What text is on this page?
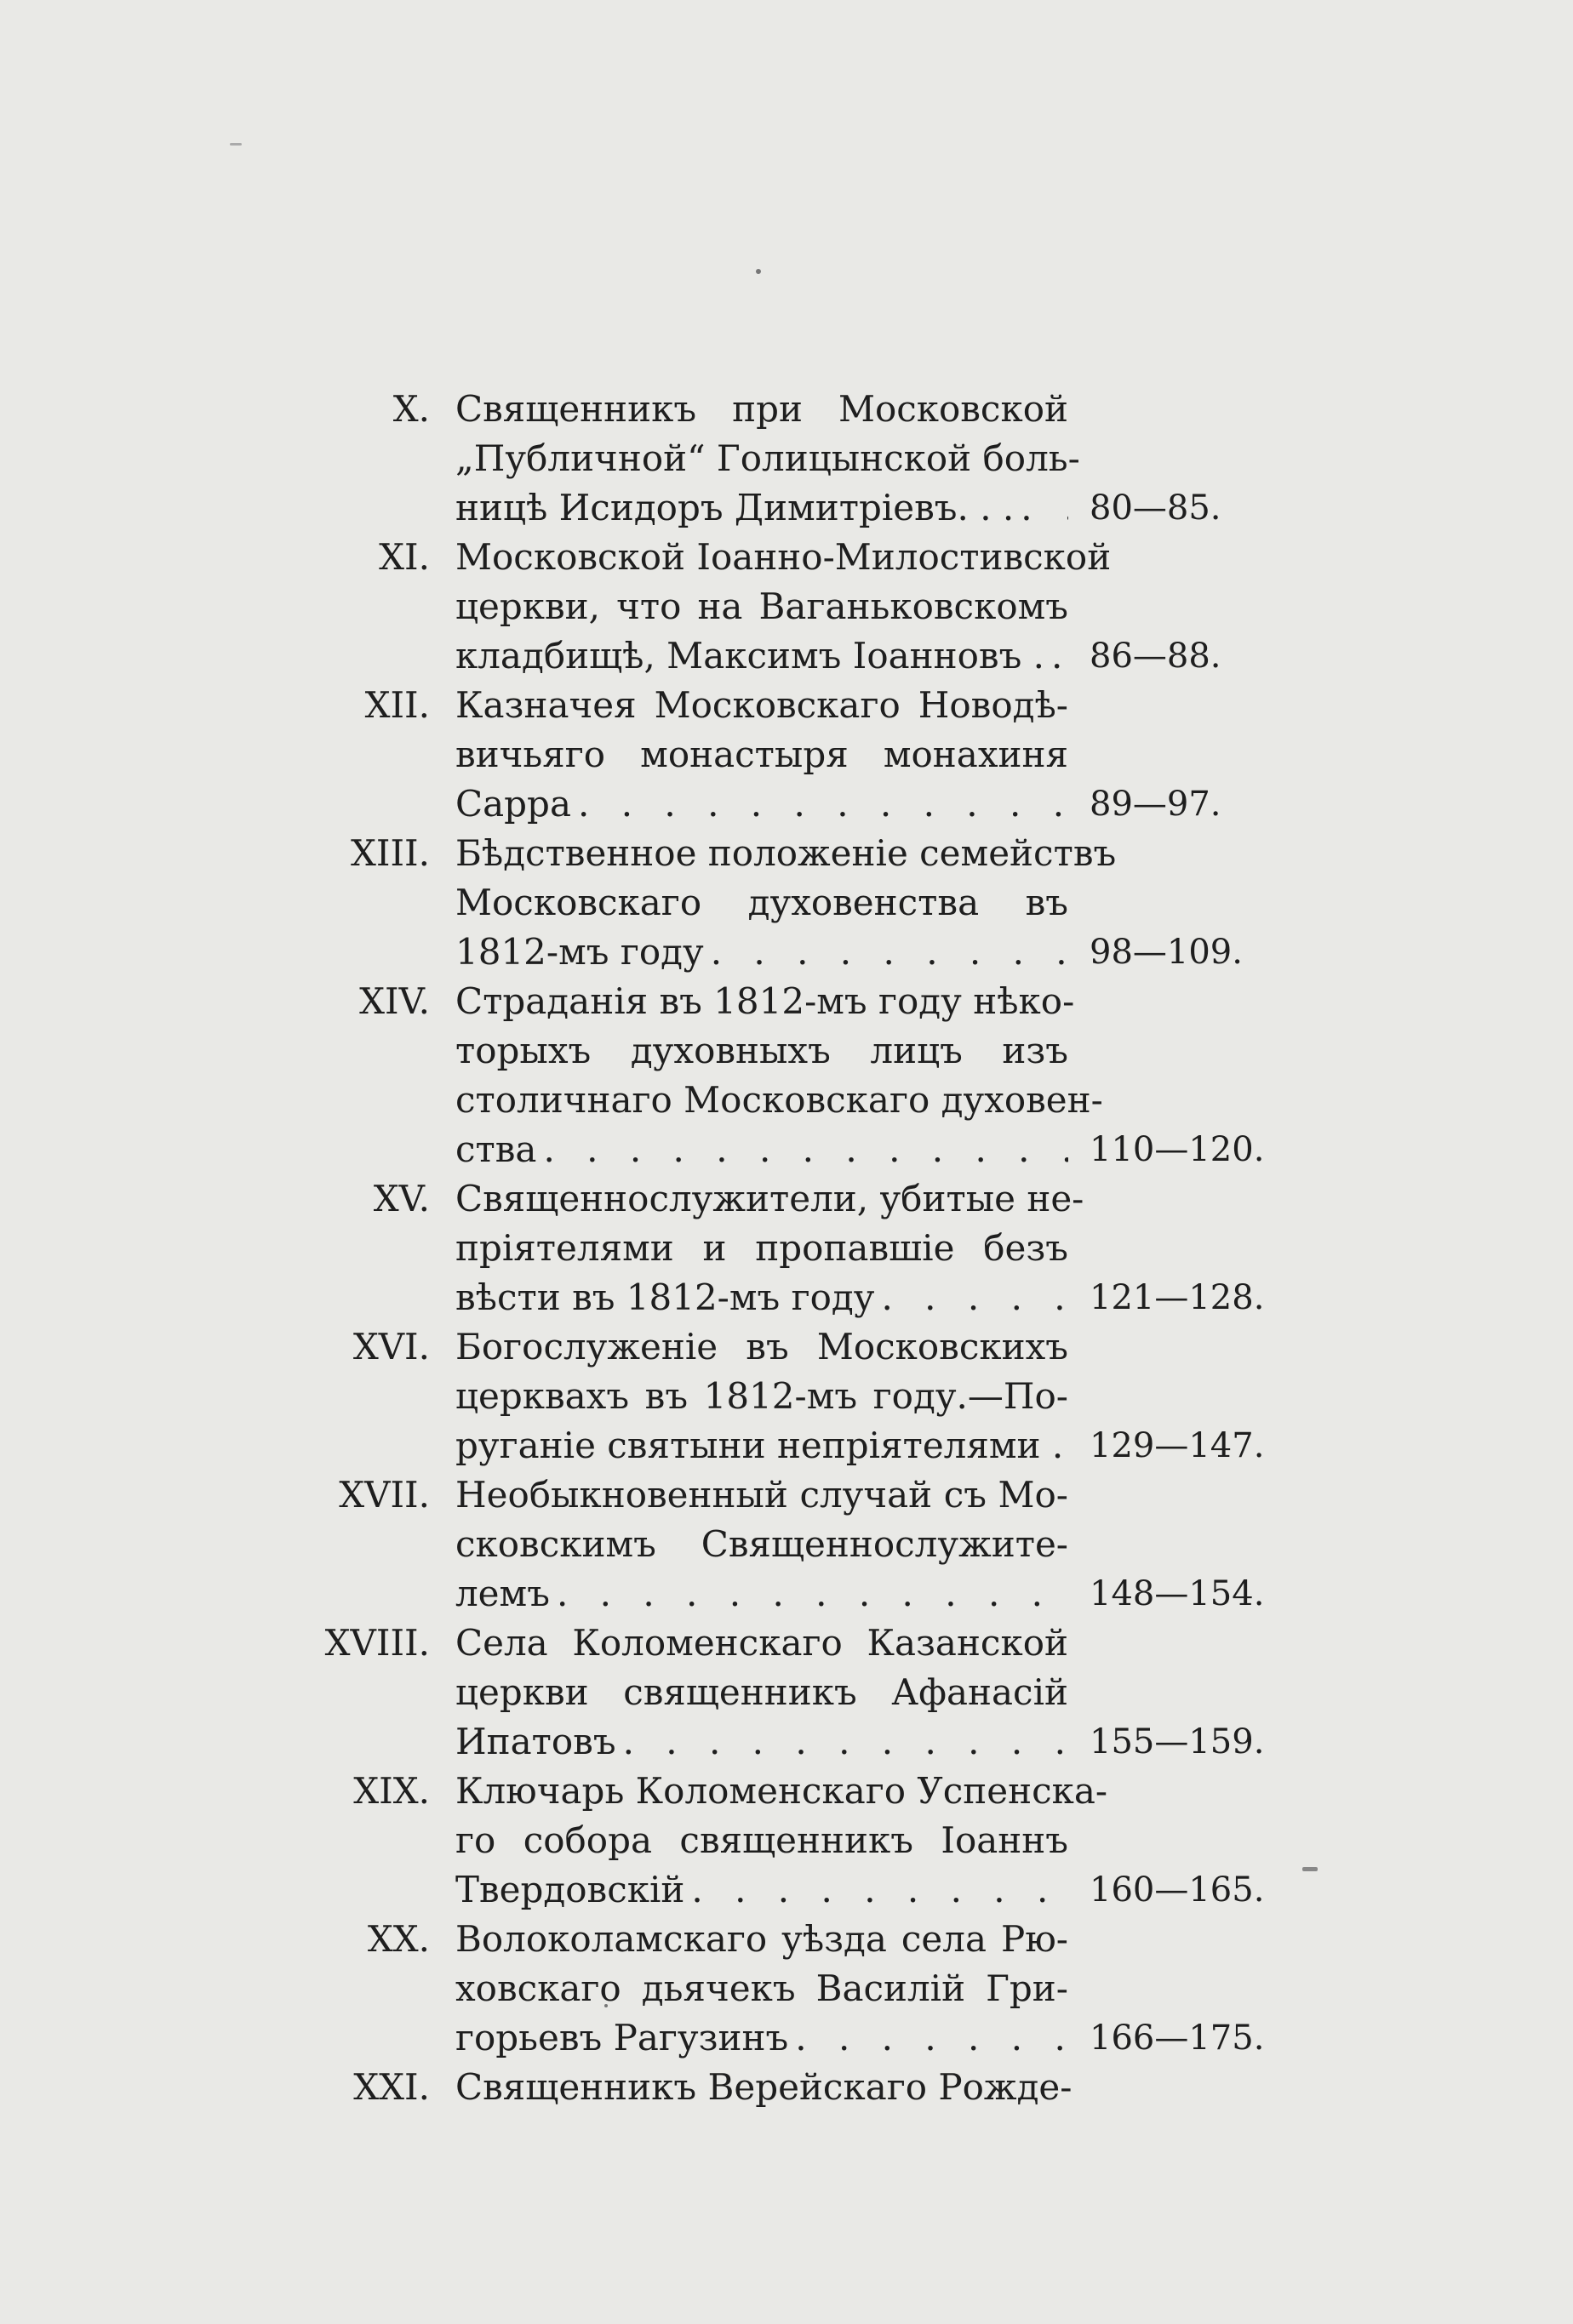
X. Священникъ при Московской
„Публичной“ Голицынской боль-
ницѣ Исидоръ Димитріевъ. . . . . . 80—85.
XI. Московской Іоанно-Милостивской
церкви, что на Ваганьковскомъ
кладбищѣ, Максимъ Іоанновъ . . . . 86—88.
XII. Казначея Московскаго Новодѣ-
вичьяго монастыря монахиня
Сарра . . .	89—97.
XIII. Бѣдственное положеніе семействъ
Московскаго духовенства въ
1812-мъ году . . .	98—109.
XIV. Страданія въ 1812-мъ году нѣко-
торыхъ духовныхъ лицъ изъ
столичнаго Московскаго духовен-
ства . . .	110—120.
XV. Священнослужители, убитые не-
пріятелями и пропавшіе безъ
вѣсти въ 1812-мъ году . . .	121—128.
XVI. Богослуженіе въ Московскихъ
церквахъ въ 1812-мъ году.—По-
руганіе святыни непріятелями . 129—147.
XVII. Необыкновенный случай съ Мо-
сковскимъ Священнослужите-
лемъ . . .	148—154.
XVIII. Села Коломенскаго Казанской
церкви священникъ Афанасій
Ипатовъ . . .	155—159.
XIX. Ключарь Коломенскаго Успенска-
го собора священникъ Іоаннъ
Твердовскій . . .	160—165.
XX. Волоколамскаго уѣзда села Рю-
ховскаго дьячекъ Василій Гри-
горьевъ Рагузинъ . . .	166—175.
XXI. Священникъ Верейскаго Рожде-
